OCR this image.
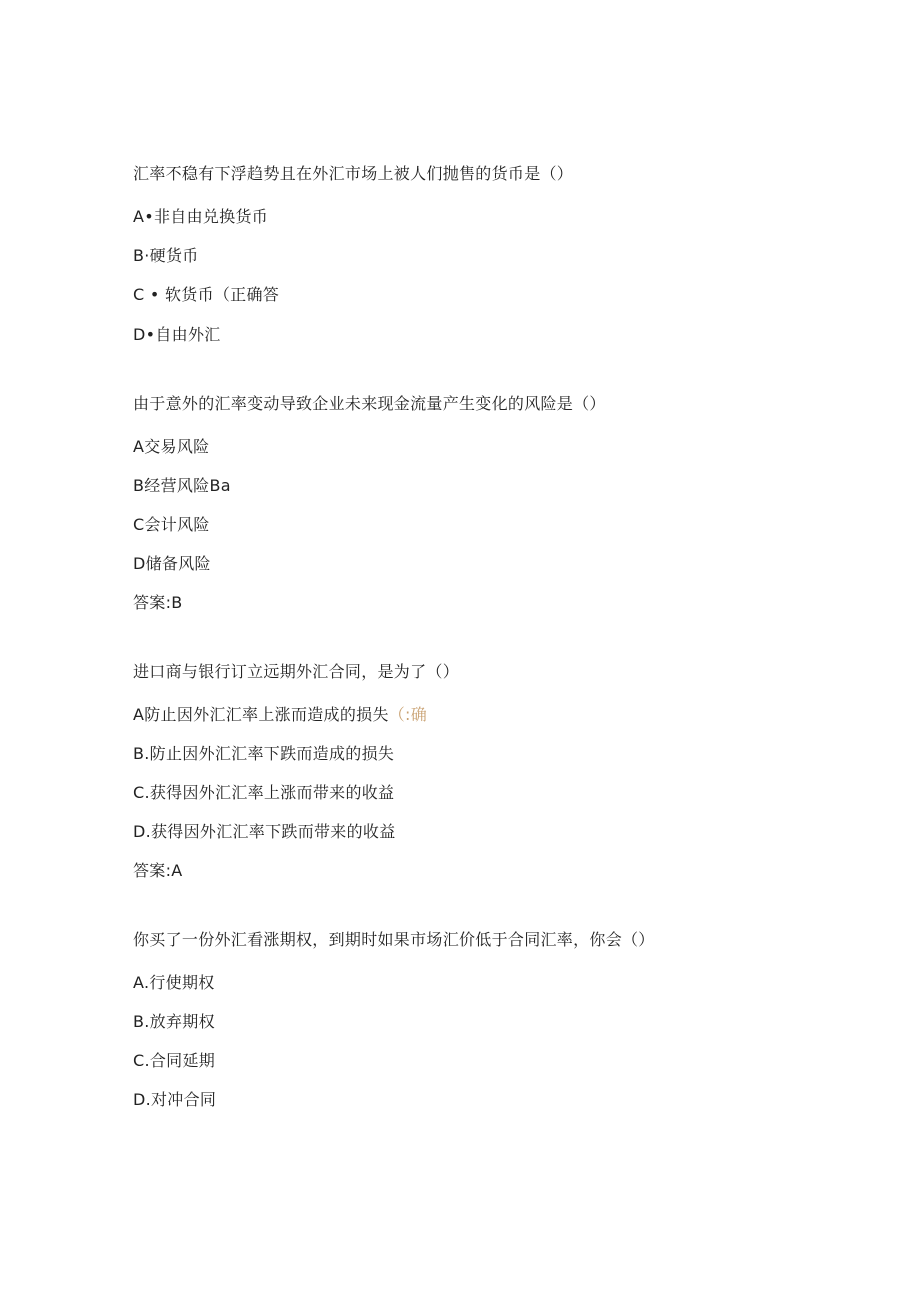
汇率不稳有下浮趋势且在外汇市场上被人们抛售的货币是（）
A•非自由兑换货币
B·硬货币
C • 软货币（正确答
D•自由外汇
由于意外的汇率变动导致企业未来现金流量产生变化的风险是（）
A交易风险
B经营风险Ba
C会计风险
D储备风险
答案:B
进口商与银行订立远期外汇合同，是为了（）
A防止因外汇汇率上涨而造成的损失（:确
B.防止因外汇汇率下跌而造成的损失
C.获得因外汇汇率上涨而带来的收益
D.获得因外汇汇率下跌而带来的收益
答案:A
你买了一份外汇看涨期权，到期时如果市场汇价低于合同汇率，你会（）
A.行使期权
B.放弃期权
C.合同延期
D.对冲合同
